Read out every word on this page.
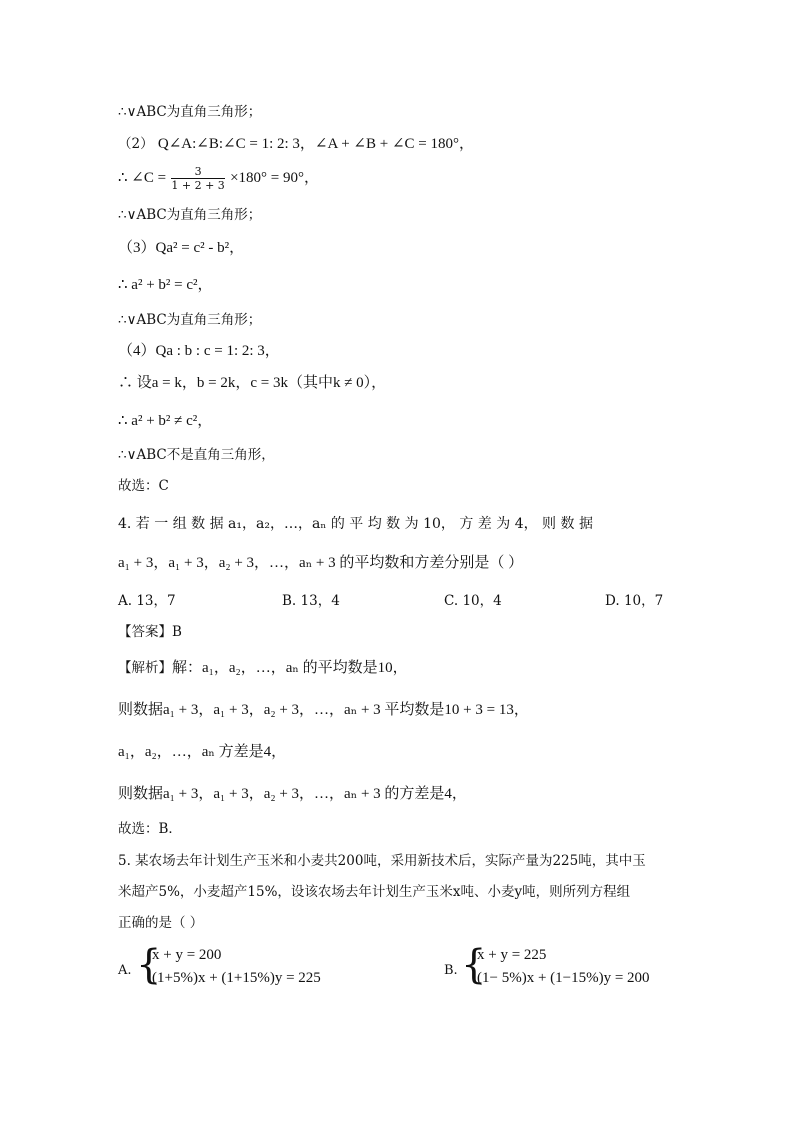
∴∨ABC为直角三角形；
（2） Q∠A:∠B:∠C = 1: 2: 3，∠A + ∠B + ∠C = 180°，
∴ ∠C = $\frac{3}{1 + 2 + 3} \times 180^\circ = 90^\circ$，
∴∨ABC为直角三角形；
（3）Qa² = c² - b²，
∴ a² + b² = c²，
∴∨ABC为直角三角形；
（4）Qa : b : c = 1: 2: 3，
∴ 设a = k，b = 2k，c = 3k（其中k ≠ 0），
∴ a² + b² ≠ c²，
∴∨ABC不是直角三角形，
故选：C
4. 若 一 组 数 据 a₁，a₂，…，aₙ 的 平 均 数 为 10， 方 差 为 4， 则 数 据
a₁ + 3，a₁ + 3，a₂ + 3，…，aₙ + 3 的平均数和方差分别是（ ）
A. 13，7	B. 13，4	C. 10，4	D. 10，7
【答案】B
【解析】解：a₁，a₂，…，aₙ 的平均数是10，
则数据a₁ + 3，a₁ + 3，a₂ + 3，…，aₙ + 3 平均数是10 + 3 = 13，
a₁，a₂，…，aₙ 方差是4，
则数据a₁ + 3，a₁ + 3，a₂ + 3，…，aₙ + 3 的方差是4，
故选：B．
5. 某农场去年计划生产玉米和小麦共200吨，采用新技术后，实际产量为225吨，其中玉
米超产5%，小麦超产15%，设该农场去年计划生产玉米x吨、小麦y吨，则所列方程组
正确的是（ ）
A. {
x + y = 200
(1+5%)x + (1+15%)y = 225	B. {
x + y = 225
(1− 5%)x + (1−15%)y = 200
